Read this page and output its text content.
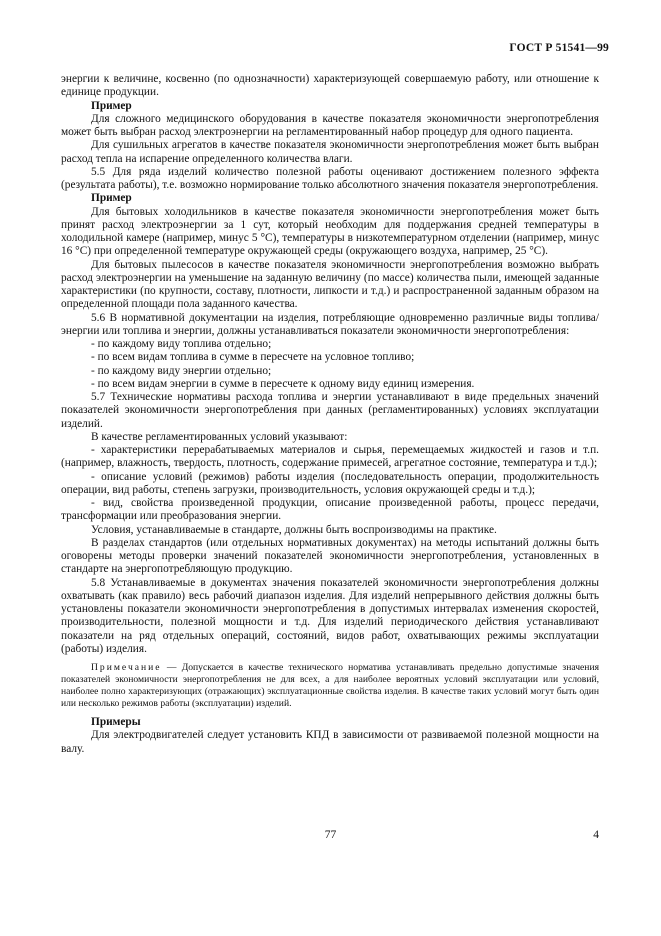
ГОСТ Р 51541—99

энергии к величине, косвенно (по однозначности) характеризующей совершаемую работу, или отношение к единице продукции.

Пример

Для сложного медицинского оборудования в качестве показателя экономичности энергопотребления может быть выбран расход электроэнергии на регламентированный набор процедур для одного пациента.

Для сушильных агрегатов в качестве показателя экономичности энергопотребления может быть выбран расход тепла на испарение определенного количества влаги.

5.5 Для ряда изделий количество полезной работы оценивают достижением полезного эффекта (результата работы), т.е. возможно нормирование только абсолютного значения показателя энергопотребления.

Пример

Для бытовых холодильников в качестве показателя экономичности энергопотребления может быть принят расход электроэнергии за 1 сут, который необходим для поддержания средней температуры в холодильной камере (например, минус 5 °С), температуры в низкотемпературном отделении (например, минус 16 °С) при определенной температуре окружающей среды (окружающего воздуха, например, 25 °С).

Для бытовых пылесосов в качестве показателя экономичности энергопотребления возможно выбрать расход электроэнергии на уменьшение на заданную величину (по массе) количества пыли, имеющей заданные характеристики (по крупности, составу, плотности, липкости и т.д.) и распространенной заданным образом на определенной площади пола заданного качества.

5.6 В нормативной документации на изделия, потребляющие одновременно различные виды топлива/энергии или топлива и энергии, должны устанавливаться показатели экономичности энергопотребления:

- по каждому виду топлива отдельно;

- по всем видам топлива в сумме в пересчете на условное топливо;

- по каждому виду энергии отдельно;

- по всем видам энергии в сумме в пересчете к одному виду единиц измерения.

5.7 Технические нормативы расхода топлива и энергии устанавливают в виде предельных значений показателей экономичности энергопотребления при данных (регламентированных) условиях эксплуатации изделий.

В качестве регламентированных условий указывают:

- характеристики перерабатываемых материалов и сырья, перемещаемых жидкостей и газов и т.п. (например, влажность, твердость, плотность, содержание примесей, агрегатное состояние, температура и т.д.);

- описание условий (режимов) работы изделия (последовательность операции, продолжительность операции, вид работы, степень загрузки, производительность, условия окружающей среды и т.д.);

- вид, свойства произведенной продукции, описание произведенной работы, процесс передачи, трансформации или преобразования энергии.

Условия, устанавливаемые в стандарте, должны быть воспроизводимы на практике.

В разделах стандартов (или отдельных нормативных документах) на методы испытаний должны быть оговорены методы проверки значений показателей экономичности энергопотребления, установленных в стандарте на энергопотребляющую продукцию.

5.8 Устанавливаемые в документах значения показателей экономичности энергопотребления должны охватывать (как правило) весь рабочий диапазон изделия. Для изделий непрерывного действия должны быть установлены показатели экономичности энергопотребления в допустимых интервалах изменения скоростей, производительности, полезной мощности и т.д. Для изделий периодического действия устанавливают показатели на ряд отдельных операций, состояний, видов работ, охватывающих режимы эксплуатации (работы) изделия.

Примечание — Допускается в качестве технического норматива устанавливать предельно допустимые значения показателей экономичности энергопотребления не для всех, а для наиболее вероятных условий эксплуатации или условий, наиболее полно характеризующих (отражающих) эксплуатационные свойства изделия. В качестве таких условий могут быть один или несколько режимов работы (эксплуатации) изделий.

Примеры

Для электродвигателей следует установить КПД в зависимости от развиваемой полезной мощности на валу.

77	4
